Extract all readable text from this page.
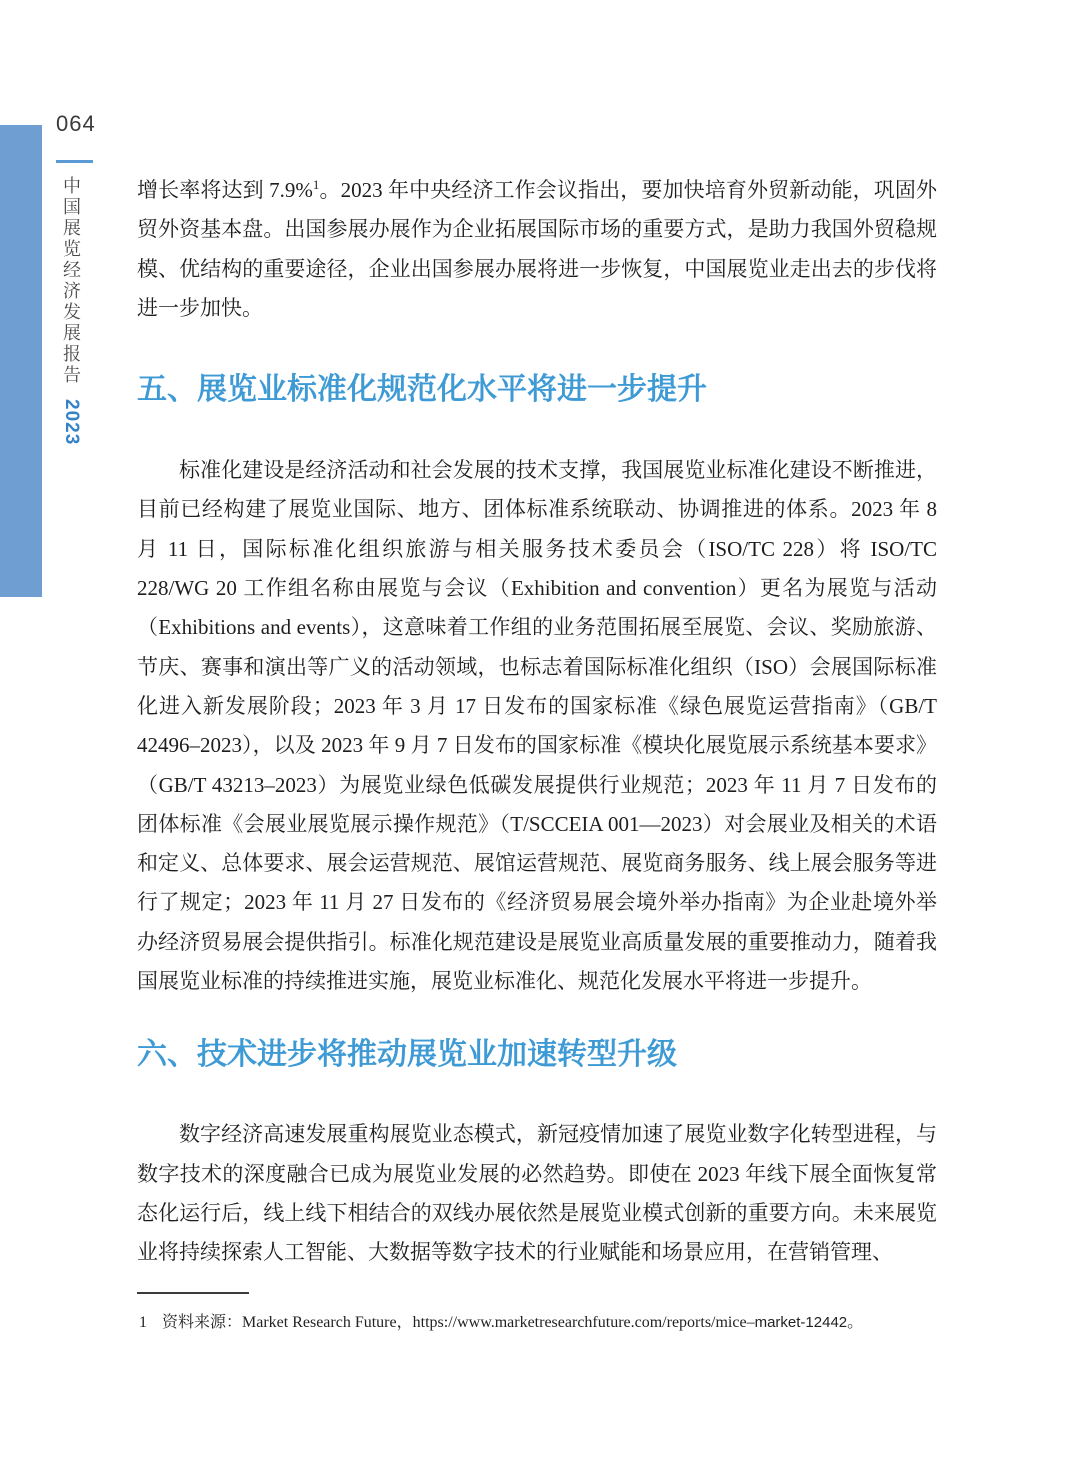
064
中国展览经济发展报告 2023

增长率将达到 7.9%$^1$。2023 年中央经济工作会议指出，要加快培育外贸新动能，巩固外贸外资基本盘。出国参展办展作为企业拓展国际市场的重要方式，是助力我国外贸稳规模、优结构的重要途径，企业出国参展办展将进一步恢复，中国展览业走出去的步伐将进一步加快。

五、展览业标准化规范化水平将进一步提升

标准化建设是经济活动和社会发展的技术支撑，我国展览业标准化建设不断推进，目前已经构建了展览业国际、地方、团体标准系统联动、协调推进的体系。2023 年 8 月 11 日，国际标准化组织旅游与相关服务技术委员会（ISO/TC 228）将 ISO/TC 228/WG 20 工作组名称由展览与会议（Exhibition and convention）更名为展览与活动（Exhibitions and events），这意味着工作组的业务范围拓展至展览、会议、奖励旅游、节庆、赛事和演出等广义的活动领域，也标志着国际标准化组织（ISO）会展国际标准化进入新发展阶段；2023 年 3 月 17 日发布的国家标准《绿色展览运营指南》（GB/T 42496–2023），以及 2023 年 9 月 7 日发布的国家标准《模块化展览展示系统基本要求》（GB/T 43213–2023）为展览业绿色低碳发展提供行业规范；2023 年 11 月 7 日发布的团体标准《会展业展览展示操作规范》（T/SCCEIA 001—2023）对会展业及相关的术语和定义、总体要求、展会运营规范、展馆运营规范、展览商务服务、线上展会服务等进行了规定；2023 年 11 月 27 日发布的《经济贸易展会境外举办指南》为企业赴境外举办经济贸易展会提供指引。标准化规范建设是展览业高质量发展的重要推动力，随着我国展览业标准的持续推进实施，展览业标准化、规范化发展水平将进一步提升。

六、技术进步将推动展览业加速转型升级

数字经济高速发展重构展览业态模式，新冠疫情加速了展览业数字化转型进程，与数字技术的深度融合已成为展览业发展的必然趋势。即使在 2023 年线下展全面恢复常态化运行后，线上线下相结合的双线办展依然是展览业模式创新的重要方向。未来展览业将持续探索人工智能、大数据等数字技术的行业赋能和场景应用，在营销管理、

1 资料来源：Market Research Future，https://www.marketresearchfuture.com/reports/mice–market-12442。
